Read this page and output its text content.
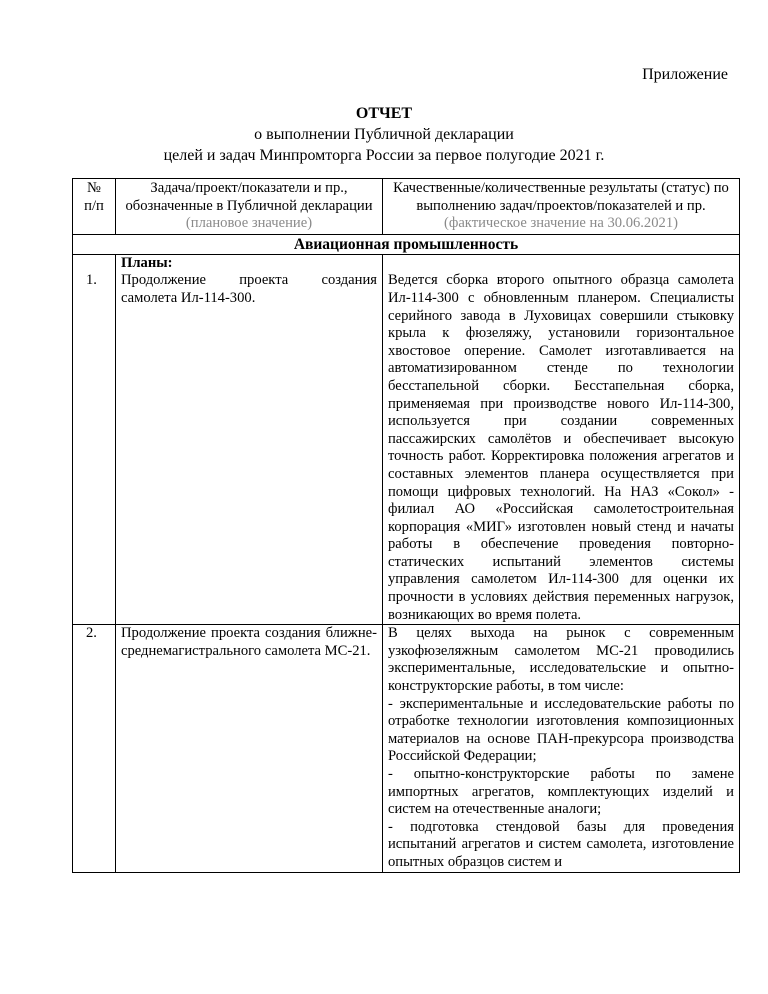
Приложение
ОТЧЕТ
о выполнении Публичной декларации
целей и задач Минпромторга России за первое полугодие 2021 г.
№ п/п	Задача/проект/показатели и пр., обозначенные в Публичной декларации (плановое значение)	Качественные/количественные результаты (статус) по выполнению задач/проектов/показателей и пр.
(фактическое значение на 30.06.2021)
Авиационная промышленность		
	Планы:	
1.	Продолжение проекта создания самолета Ил-114-300.	Ведется сборка второго опытного образца самолета Ил-114-300 с обновленным планером. Специалисты серийного завода в Луховицах совершили стыковку крыла к фюзеляжу, установили горизонтальное хвостовое оперение. Самолет изготавливается на автоматизированном стенде по технологии бесстапельной сборки. Бесстапельная сборка, применяемая при производстве нового Ил-114-300, используется при создании современных пассажирских самолётов и обеспечивает высокую точность работ. Корректировка положения агрегатов и составных элементов планера осуществляется при помощи цифровых технологий. На НАЗ «Сокол» - филиал АО «Российская самолетостроительная корпорация «МИГ» изготовлен новый стенд и начаты работы в обеспечение проведения повторно-статических испытаний элементов системы управления самолетом Ил-114-300 для оценки их прочности в условиях действия переменных нагрузок, возникающих во время полета.
2.	Продолжение проекта создания ближне-среднемагистрального самолета МС-21.	В целях выхода на рынок с современным узкофюзеляжным самолетом МС-21 проводились экспериментальные, исследовательские и опытно-конструкторские работы, в том числе:
- экспериментальные и исследовательские работы по отработке технологии изготовления композиционных материалов на основе ПАН-прекурсора производства Российской Федерации;
- опытно-конструкторские работы по замене импортных агрегатов, комплектующих изделий и систем на отечественные аналоги;
- подготовка стендовой базы для проведения испытаний агрегатов и систем самолета, изготовление опытных образцов систем и
